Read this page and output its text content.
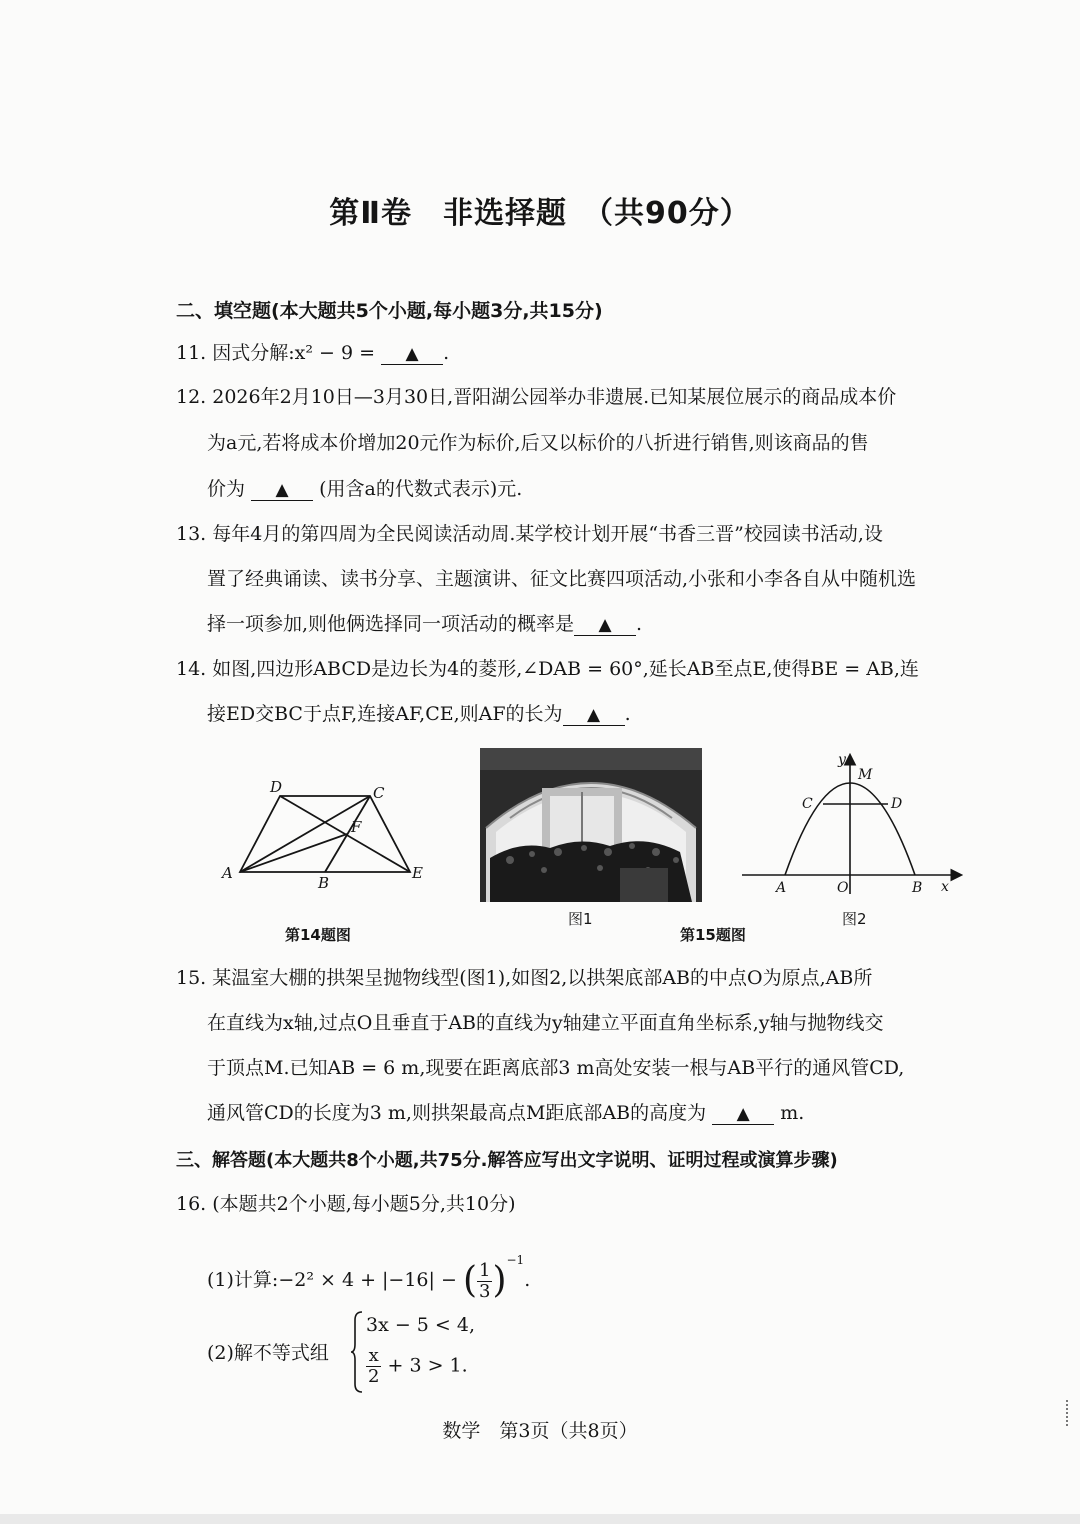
第Ⅱ卷　非选择题　（共90分）
二、填空题(本大题共5个小题,每小题3分,共15分)
11. 因式分解:x² − 9 = ▲ .
12. 2026年2月10日—3月30日,晋阳湖公园举办非遗展.已知某展位展示的商品成本价
为a元,若将成本价增加20元作为标价,后又以标价的八折进行销售,则该商品的售
价为 ▲ (用含a的代数式表示)元.
13. 每年4月的第四周为全民阅读活动周.某学校计划开展“书香三晋”校园读书活动,设
置了经典诵读、读书分享、主题演讲、征文比赛四项活动,小张和小李各自从中随机选
择一项参加,则他俩选择同一项活动的概率是 ▲ .
14. 如图,四边形ABCD是边长为4的菱形,∠DAB = 60°,延长AB至点E,使得BE = AB,连
接ED交BC于点F,连接AF,CE,则AF的长为 ▲ .
A
B
C
D
E
F
第14题图
图1
第15题图
y
x
M
C	D
A	O	B
图2
15. 某温室大棚的拱架呈抛物线型(图1),如图2,以拱架底部AB的中点O为原点,AB所
在直线为x轴,过点O且垂直于AB的直线为y轴建立平面直角坐标系,y轴与抛物线交
于顶点M.已知AB = 6 m,现要在距离底部3 m高处安装一根与AB平行的通风管CD,
通风管CD的长度为3 m,则拱架最高点M距底部AB的高度为 ▲ m.
三、解答题(本大题共8个小题,共75分.解答应写出文字说明、证明过程或演算步骤)
16. (本题共2个小题,每小题5分,共10分)
(1)计算:−2² × 4 + |−16| − ( $\frac{1}{3} )^{-1}$.
(2)解不等式组
3x − 5 < 4,
$\frac{x}{2} + 3 > 1$.
数学　第3页（共8页）
